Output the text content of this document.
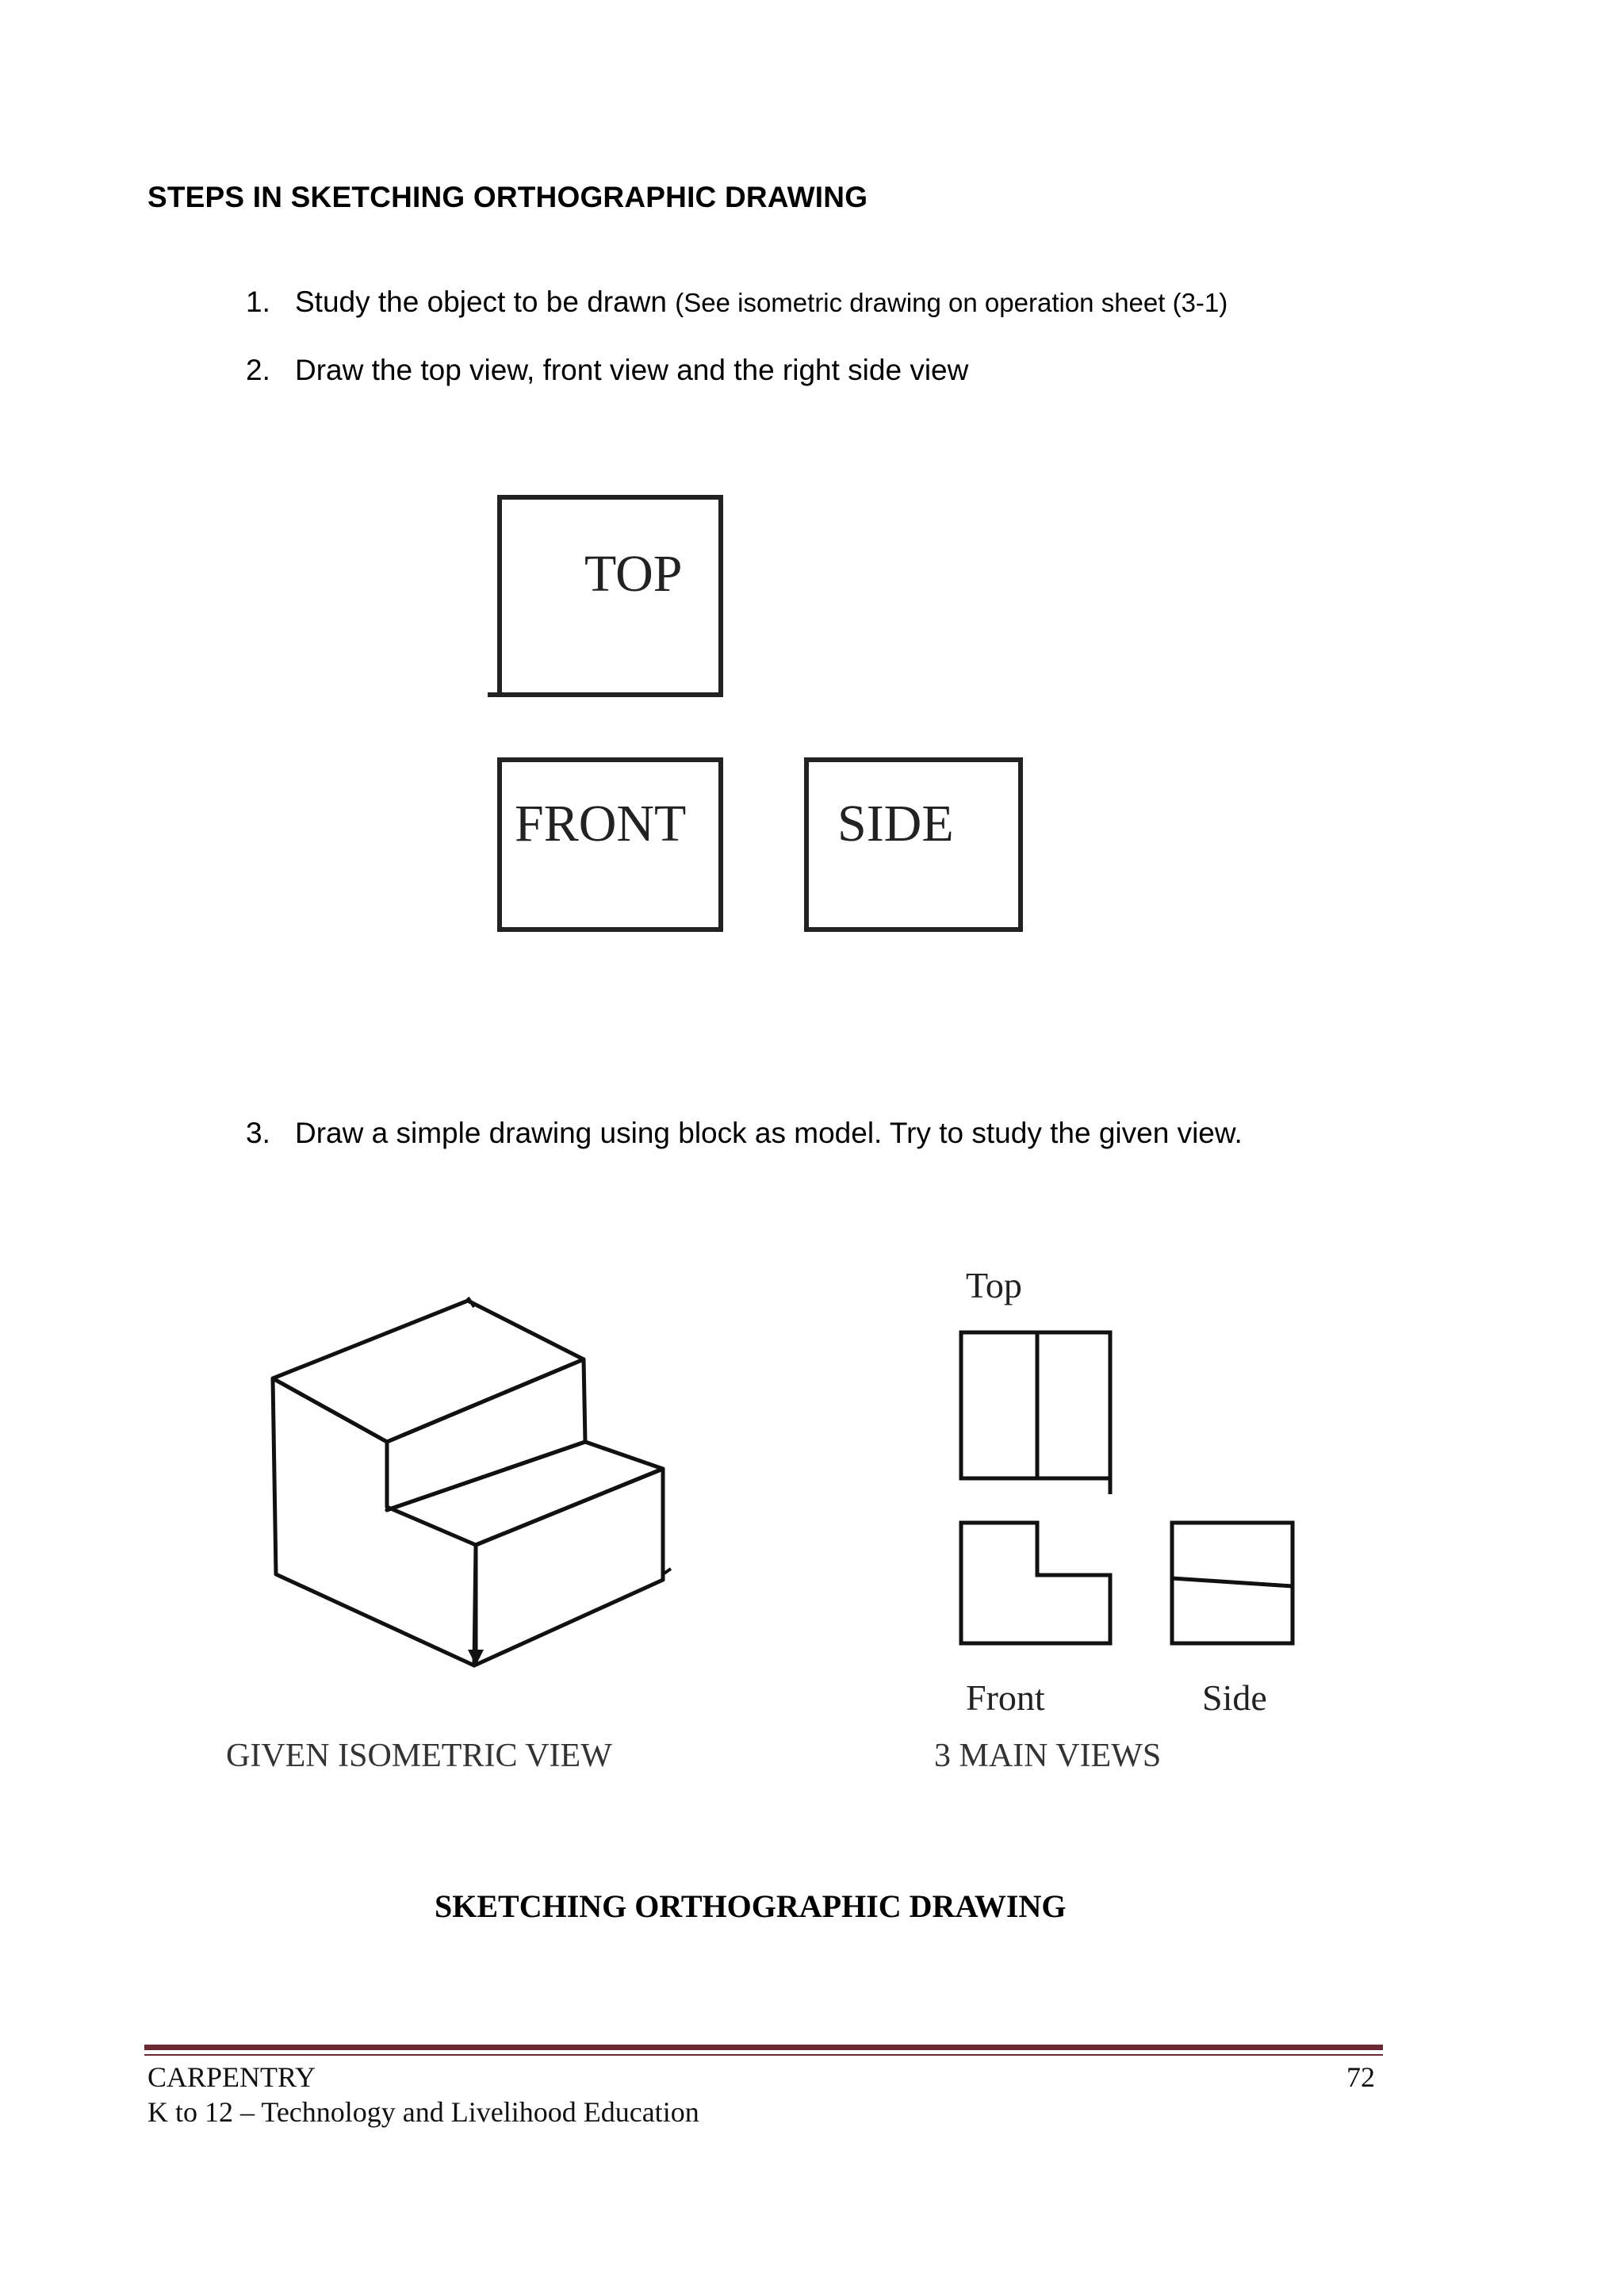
STEPS IN SKETCHING ORTHOGRAPHIC DRAWING
1. Study the object to be drawn (See isometric drawing on operation sheet (3-1)
2. Draw the top view, front view and the right side view
TOP
FRONT	SIDE
3. Draw a simple drawing using block as model. Try to study the given view.
GIVEN ISOMETRIC VIEW
Top
Front	Side
3 MAIN VIEWS
SKETCHING ORTHOGRAPHIC DRAWING
CARPENTRY	72
K to 12 – Technology and Livelihood Education
